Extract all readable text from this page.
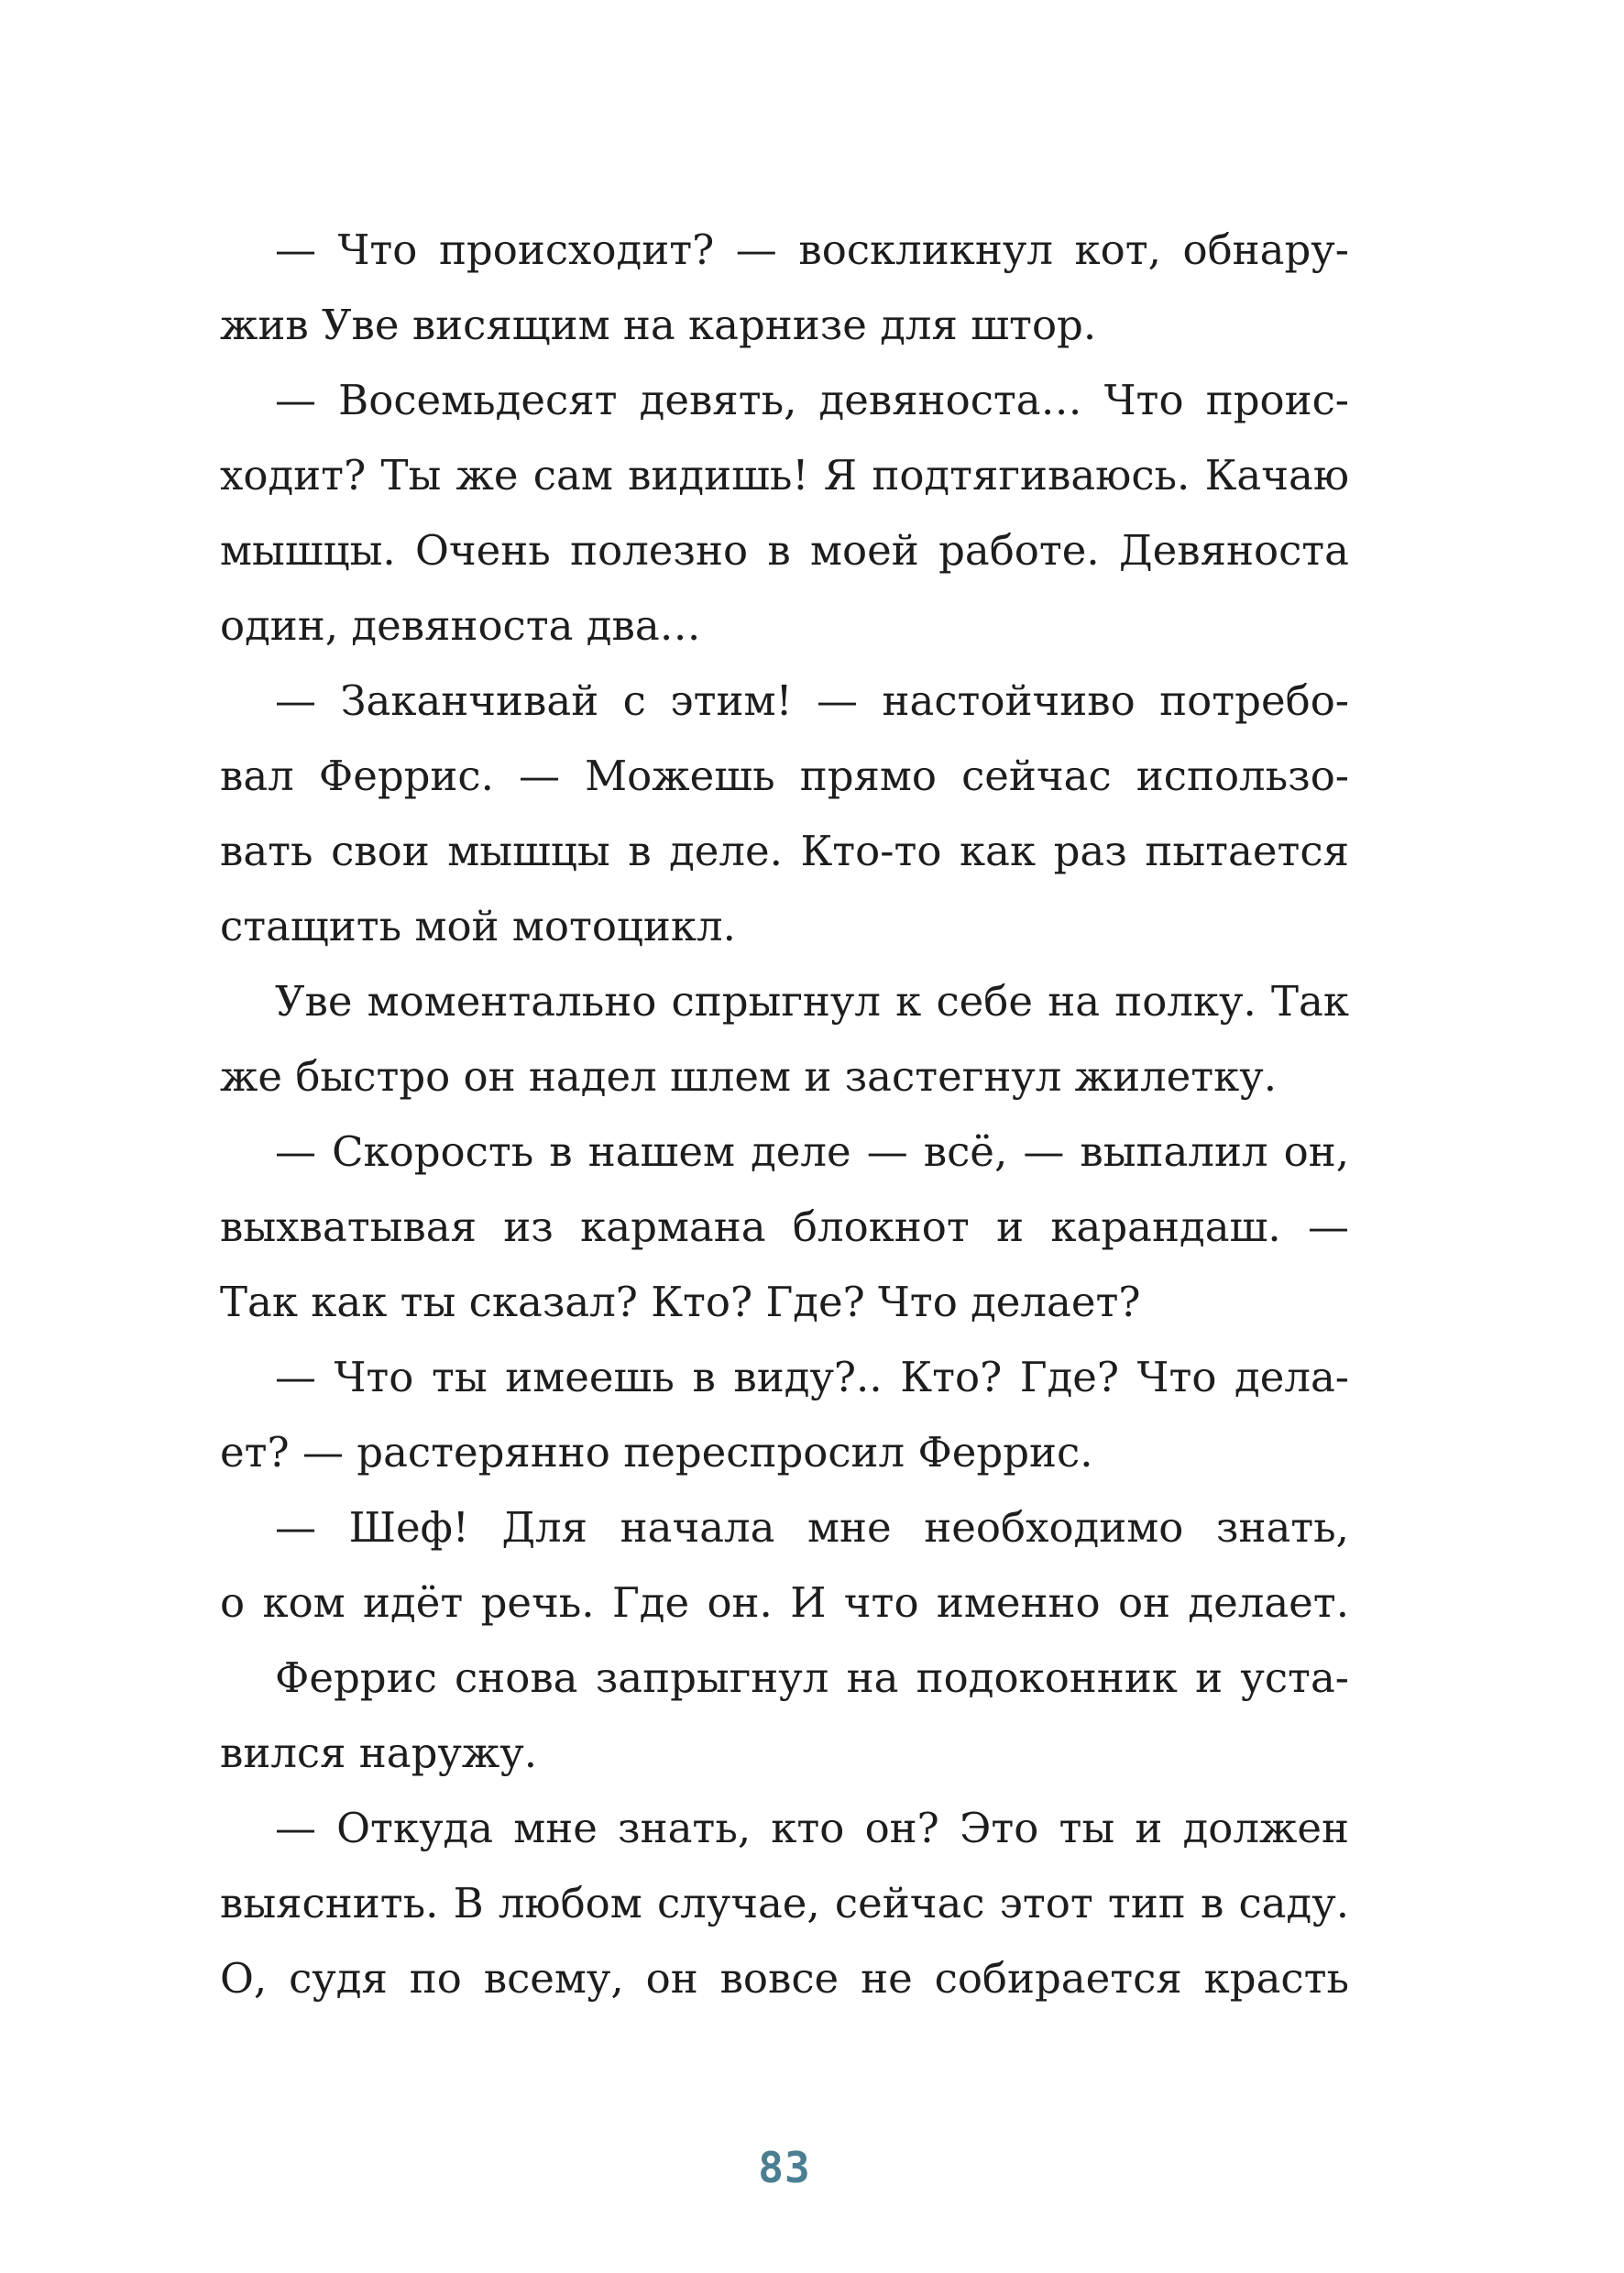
— Что происходит? — воскликнул кот, обнару-
жив Уве висящим на карнизе для штор.
— Восемьдесят девять, девяноста… Что проис-
ходит? Ты же сам видишь! Я подтягиваюсь. Качаю
мышцы. Очень полезно в моей работе. Девяноста
один, девяноста два…
— Заканчивай с этим! — настойчиво потребо-
вал Феррис. — Можешь прямо сейчас использо-
вать свои мышцы в деле. Кто-то как раз пытается
стащить мой мотоцикл.
Уве моментально спрыгнул к себе на полку. Так
же быстро он надел шлем и застегнул жилетку.
— Скорость в нашем деле — всё, — выпалил он,
выхватывая из кармана блокнот и карандаш. —
Так как ты сказал? Кто? Где? Что делает?
— Что ты имеешь в виду?.. Кто? Где? Что дела-
ет? — растерянно переспросил Феррис.
— Шеф! Для начала мне необходимо знать,
о ком идёт речь. Где он. И что именно он делает.
Феррис снова запрыгнул на подоконник и уста-
вился наружу.
— Откуда мне знать, кто он? Это ты и должен
выяснить. В любом случае, сейчас этот тип в саду.
О, судя по всему, он вовсе не собирается красть
83
